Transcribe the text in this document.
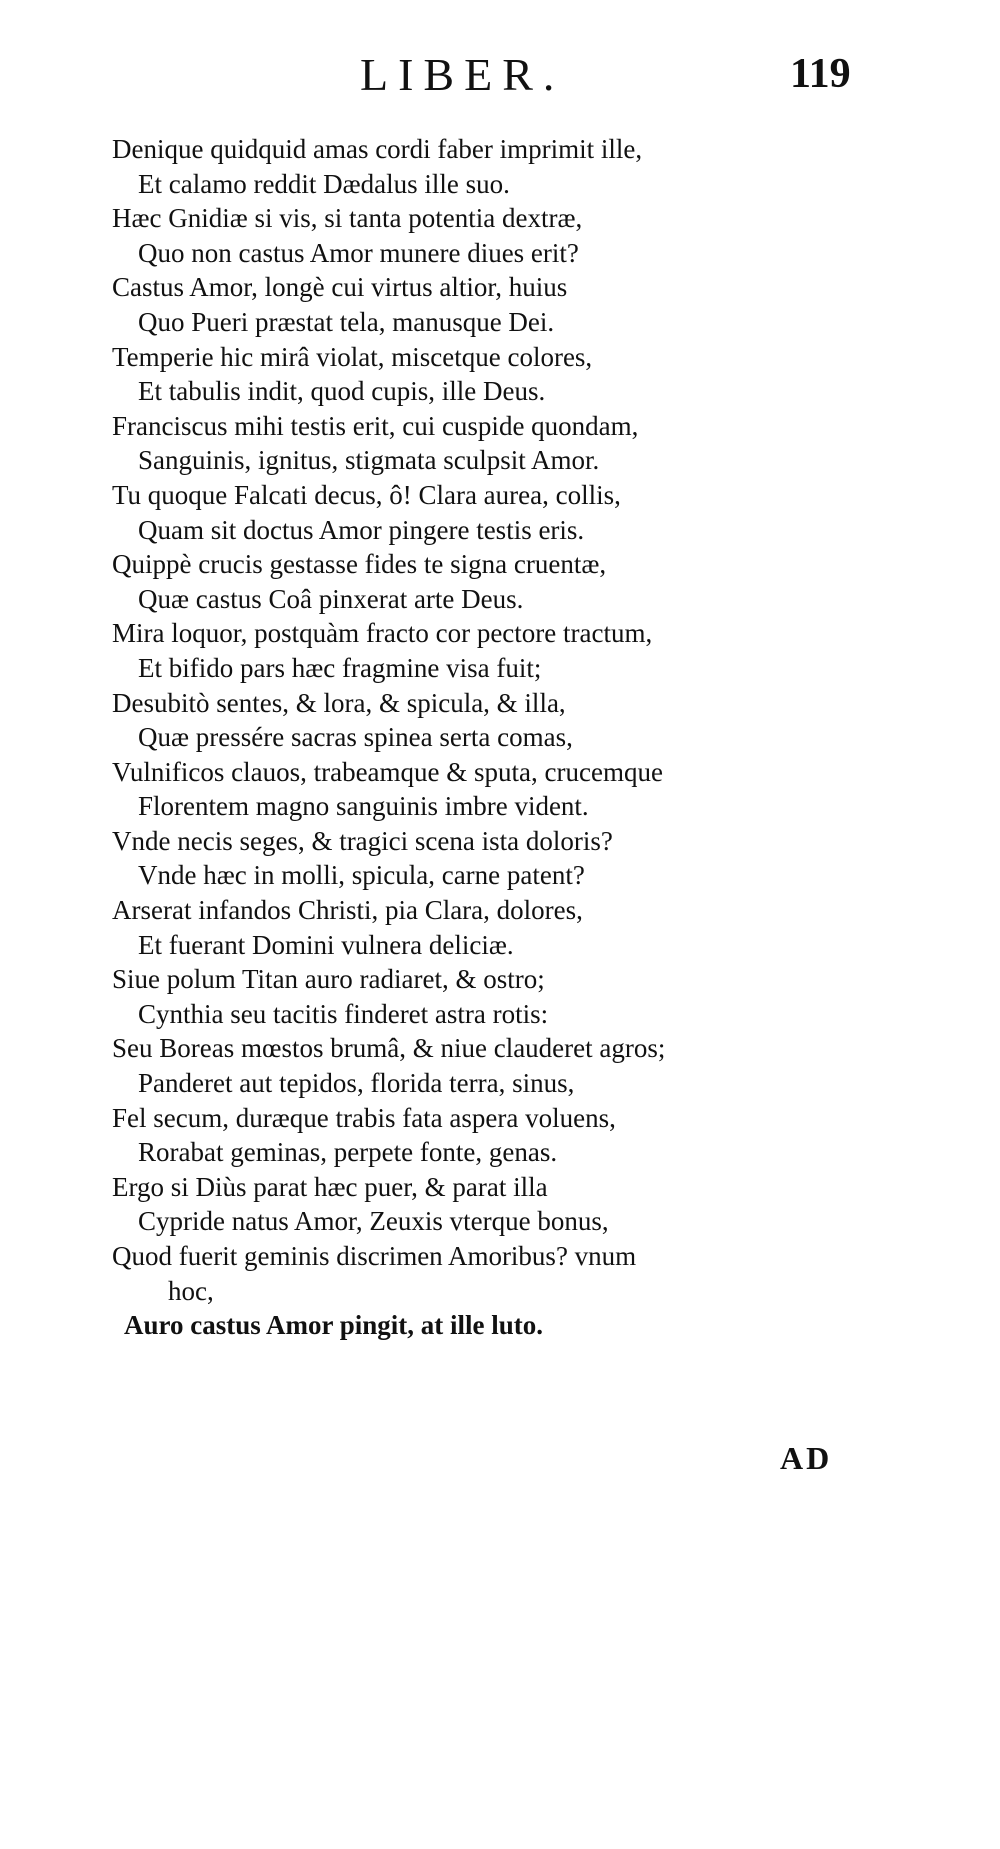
LIBER.	119
Denique quidquid amas cordi faber imprimit ille,
Et calamo reddit Dædalus ille suo.
Hæc Gnidiæ si vis, si tanta potentia dextræ,
Quo non castus Amor munere diues erit?
Castus Amor, longè cui virtus altior, huius
Quo Pueri præstat tela, manusque Dei.
Temperie hic mirâ violat, miscetque colores,
Et tabulis indit, quod cupis, ille Deus.
Franciscus mihi testis erit, cui cuspide quondam,
Sanguinis, ignitus, stigmata sculpsit Amor.
Tu quoque Falcati decus, ô! Clara aurea, collis,
Quam sit doctus Amor pingere testis eris.
Quippè crucis gestasse fides te signa cruentæ,
Quæ castus Coâ pinxerat arte Deus.
Mira loquor, postquàm fracto cor pectore tractum,
Et bifido pars hæc fragmine visa fuit;
Desubitò sentes, & lora, & spicula, & illa,
Quæ pressére sacras spinea serta comas,
Vulnificos clauos, trabeamque & sputa, crucemque
Florentem magno sanguinis imbre vident.
Vnde necis seges, & tragici scena ista doloris?
Vnde hæc in molli, spicula, carne patent?
Arserat infandos Christi, pia Clara, dolores,
Et fuerant Domini vulnera deliciæ.
Siue polum Titan auro radiaret, & ostro;
Cynthia seu tacitis finderet astra rotis:
Seu Boreas mœstos brumâ, & niue clauderet agros;
Panderet aut tepidos, florida terra, sinus,
Fel secum, duræque trabis fata aspera voluens,
Rorabat geminas, perpete fonte, genas.
Ergo si Diùs parat hæc puer, & parat illa
Cypride natus Amor, Zeuxis vterque bonus,
Quod fuerit geminis discrimen Amoribus? vnum
hoc,
Auro castus Amor pingit, at ille luto.
AD
